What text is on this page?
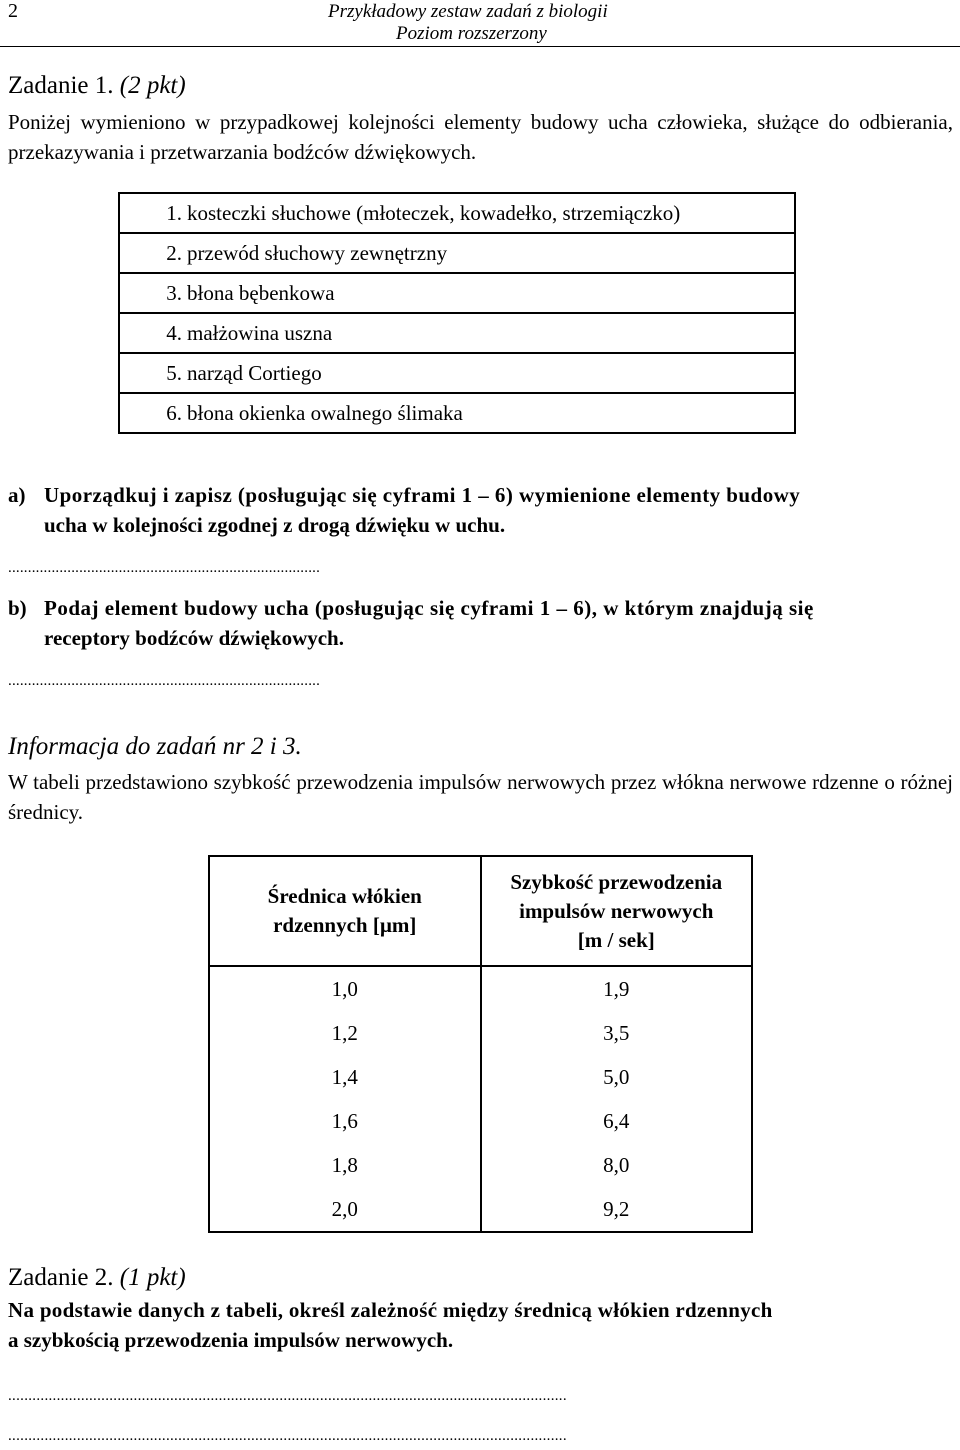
2	Przykładowy zestaw zadań z biologii
Poziom rozszerzony
Zadanie 1. (2 pkt)
Poniżej wymieniono w przypadkowej kolejności elementy budowy ucha człowieka, służące do odbierania, przekazywania i przetwarzania bodźców dźwiękowych.
1. kosteczki słuchowe (młoteczek, kowadełko, strzemiączko)
2. przewód słuchowy zewnętrzny
3. błona bębenkowa
4. małżowina uszna
5. narząd Cortiego
6. błona okienka owalnego ślimaka
a) Uporządkuj i zapisz (posługując się cyframi 1 – 6) wymienione elementy budowy
ucha w kolejności zgodnej z drogą dźwięku w uchu.
...............................................................................
b) Podaj element budowy ucha (posługując się cyframi 1 – 6), w którym znajdują się
receptory bodźców dźwiękowych.
...............................................................................
Informacja do zadań nr 2 i 3.
W tabeli przedstawiono szybkość przewodzenia impulsów nerwowych przez włókna nerwowe rdzenne o różnej średnicy.
Średnica włókien
rdzennych [µm]	Szybkość przewodzenia
impulsów nerwowych
[m / sek]
1,0	1,9
1,2	3,5
1,4	5,0
1,6	6,4
1,8	8,0
2,0	9,2
Zadanie 2. (1 pkt)
Na podstawie danych z tabeli, określ zależność między średnicą włókien rdzennych
a szybkością przewodzenia impulsów nerwowych.
..........................................................................................................................................
..........................................................................................................................................
